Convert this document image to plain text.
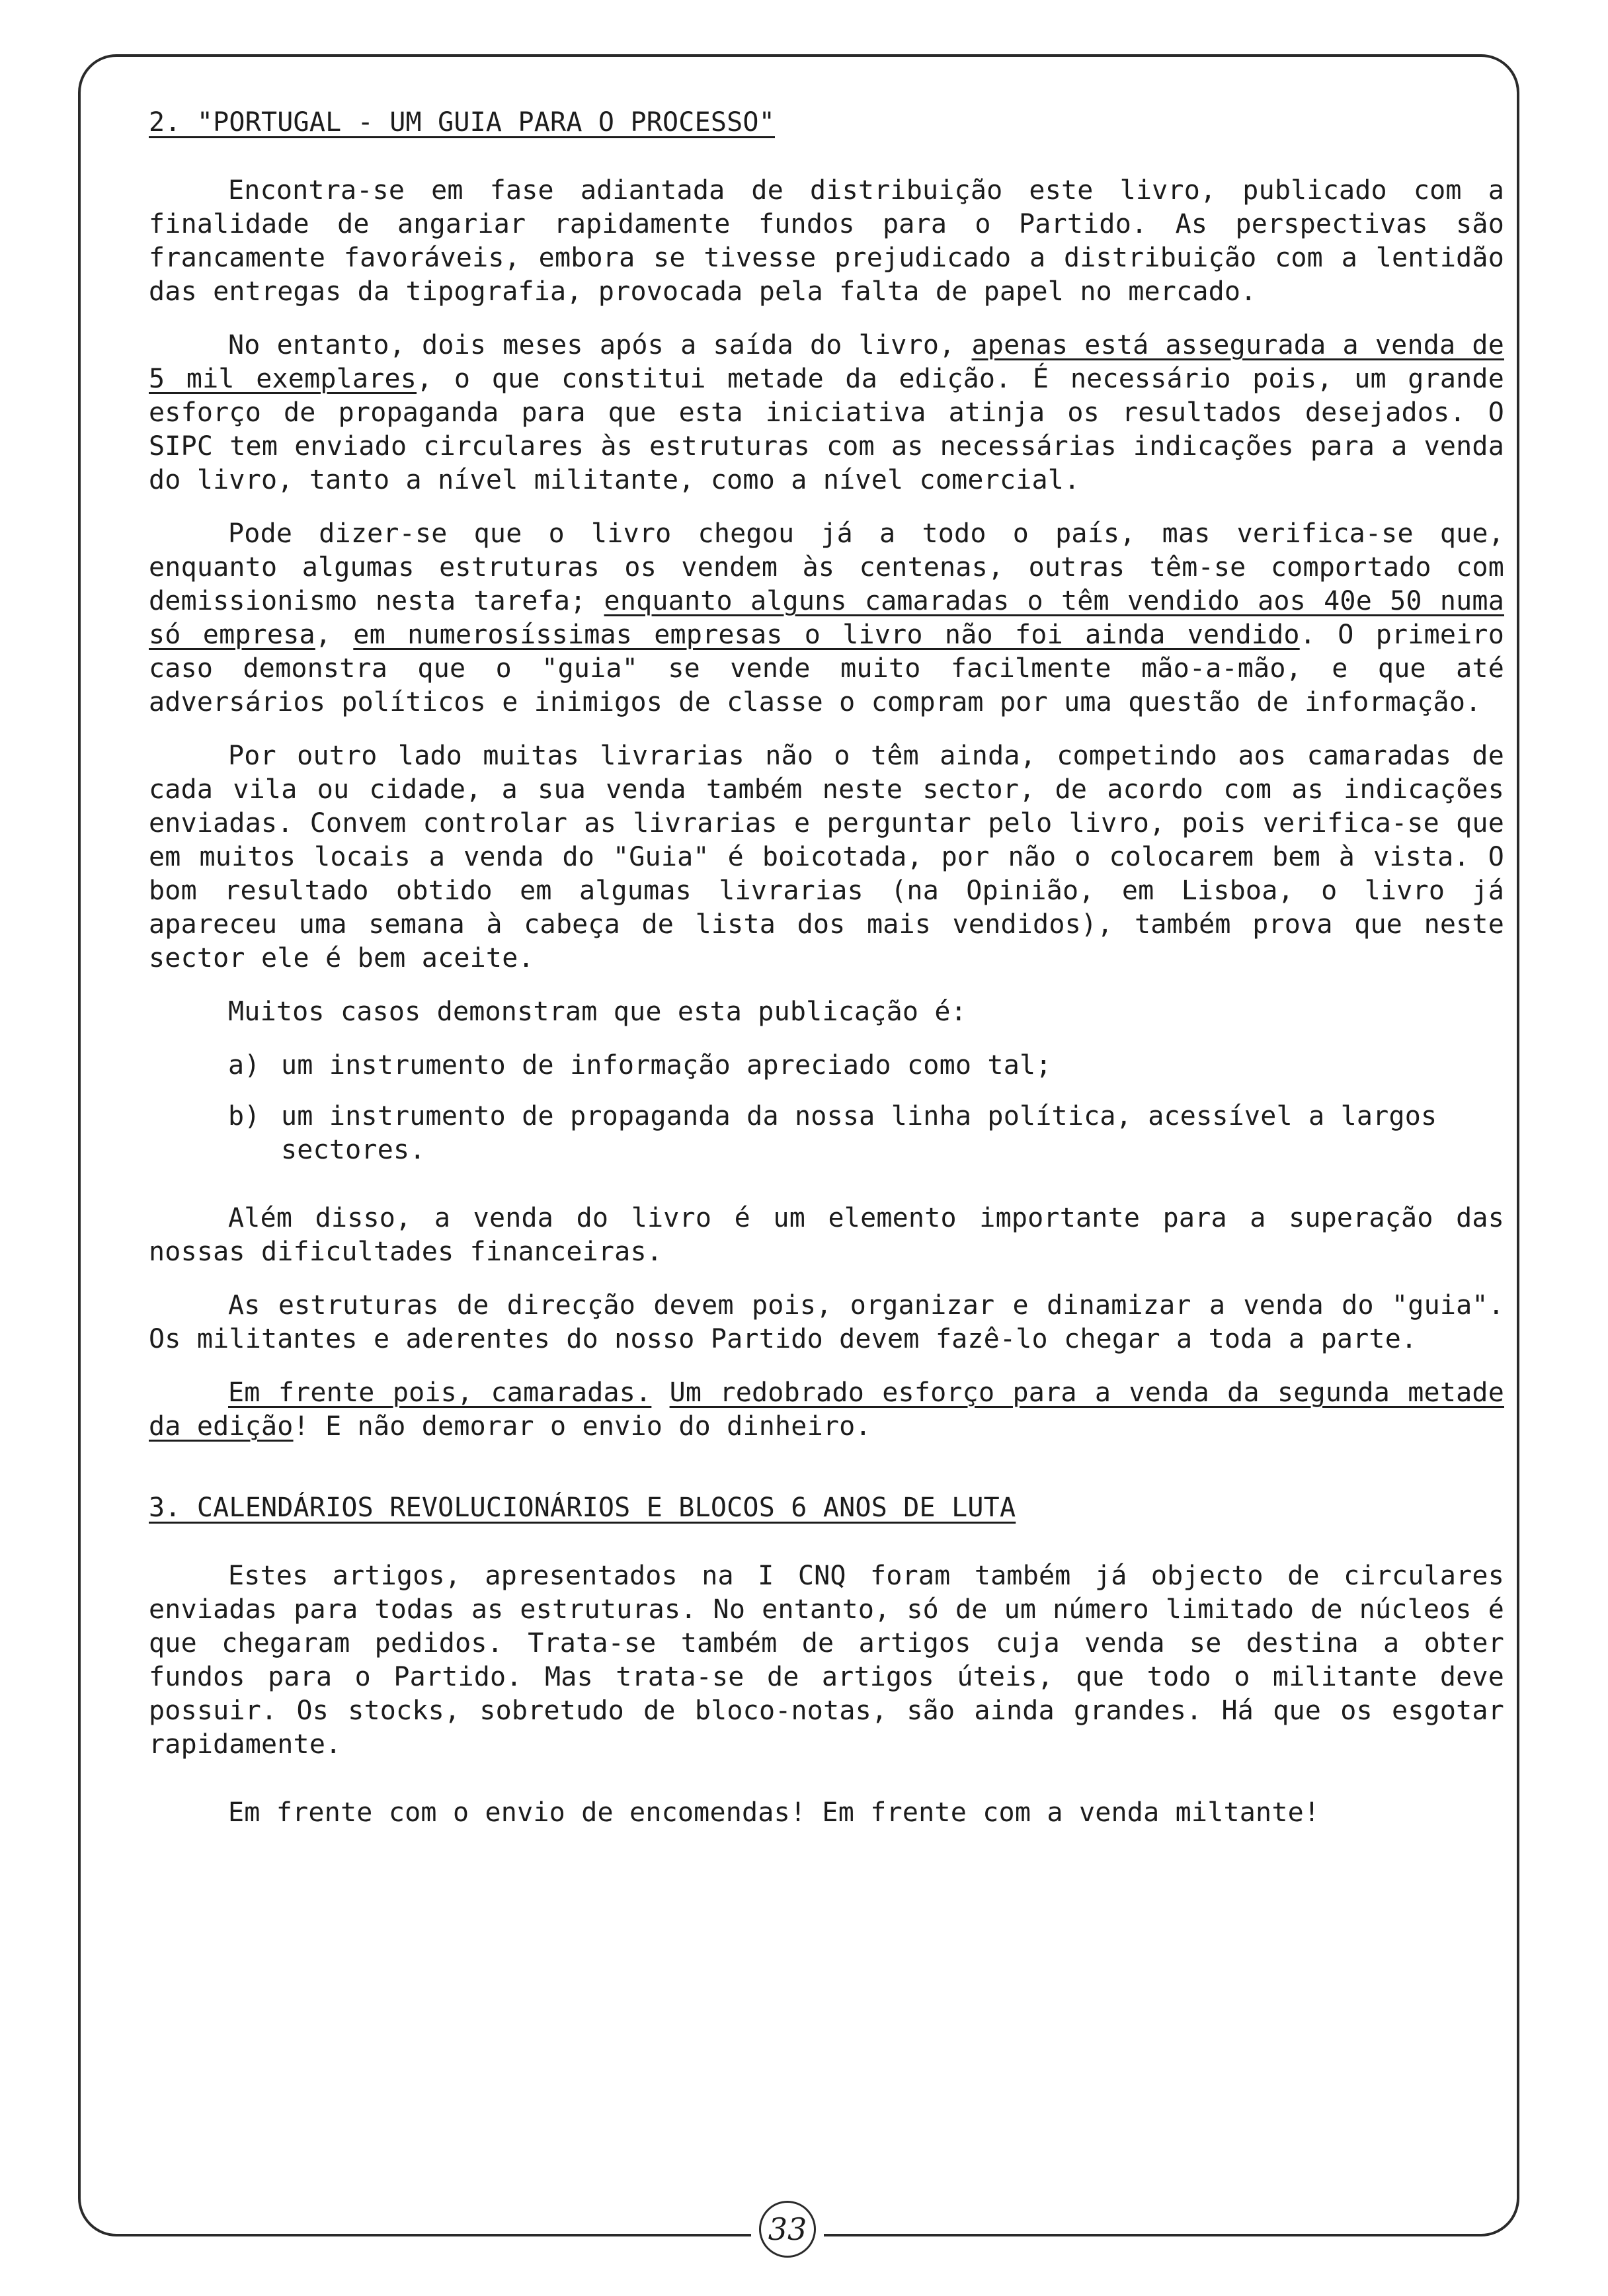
2. "PORTUGAL - UM GUIA PARA O PROCESSO"

Encontra-se em fase adiantada de distribuição este livro, publicado com a finalidade de angariar rapidamente fundos para o Partido. As perspectivas são francamente favoráveis, embora se tivesse prejudicado a distribuição com a lentidão das entregas da tipografia, provocada pela falta de papel no mercado.

No entanto, dois meses após a saída do livro, apenas está assegurada a venda de 5 mil exemplares, o que constitui metade da edição. É necessário pois, um grande esforço de propaganda para que esta iniciativa atinja os resultados desejados. O SIPC tem enviado circulares às estruturas com as necessárias indicações para a venda do livro, tanto a nível militante, como a nível comercial.

Pode dizer-se que o livro chegou já a todo o país, mas verifica-se que, enquanto algumas estruturas os vendem às centenas, outras têm-se comportado com demissionismo nesta tarefa; enquanto alguns camaradas o têm vendido aos 40e 50 numa só empresa, em numerosíssimas empresas o livro não foi ainda vendido. O primeiro caso demonstra que o "guia" se vende muito facilmente mão-a-mão, e que até adversários políticos e inimigos de classe o compram por uma questão de informação.

Por outro lado muitas livrarias não o têm ainda, competindo aos camaradas de cada vila ou cidade, a sua venda também neste sector, de acordo com as indicações enviadas. Convem controlar as livrarias e perguntar pelo livro, pois verifica-se que em muitos locais a venda do "Guia" é boicotada, por não o colocarem bem à vista. O bom resultado obtido em algumas livrarias (na Opinião, em Lisboa, o livro já apareceu uma semana à cabeça de lista dos mais vendidos), também prova que neste sector ele é bem aceite.

Muitos casos demonstram que esta publicação é:

a) um instrumento de informação apreciado como tal;
b) um instrumento de propaganda da nossa linha política, acessível a largos sectores.

Além disso, a venda do livro é um elemento importante para a superação das nossas dificultades financeiras.

As estruturas de direcção devem pois, organizar e dinamizar a venda do "guia". Os militantes e aderentes do nosso Partido devem fazê-lo chegar a toda a parte.

Em frente pois, camaradas. Um redobrado esforço para a venda da segunda metade da edição! E não demorar o envio do dinheiro.

3. CALENDÁRIOS REVOLUCIONÁRIOS E BLOCOS 6 ANOS DE LUTA

Estes artigos, apresentados na I CNQ foram também já objecto de circulares enviadas para todas as estruturas. No entanto, só de um número limitado de núcleos é que chegaram pedidos. Trata-se também de artigos cuja venda se destina a obter fundos para o Partido. Mas trata-se de artigos úteis, que todo o militante deve possuir. Os stocks, sobretudo de bloco-notas, são ainda grandes. Há que os esgotar rapidamente.

Em frente com o envio de encomendas! Em frente com a venda miltante!

33
